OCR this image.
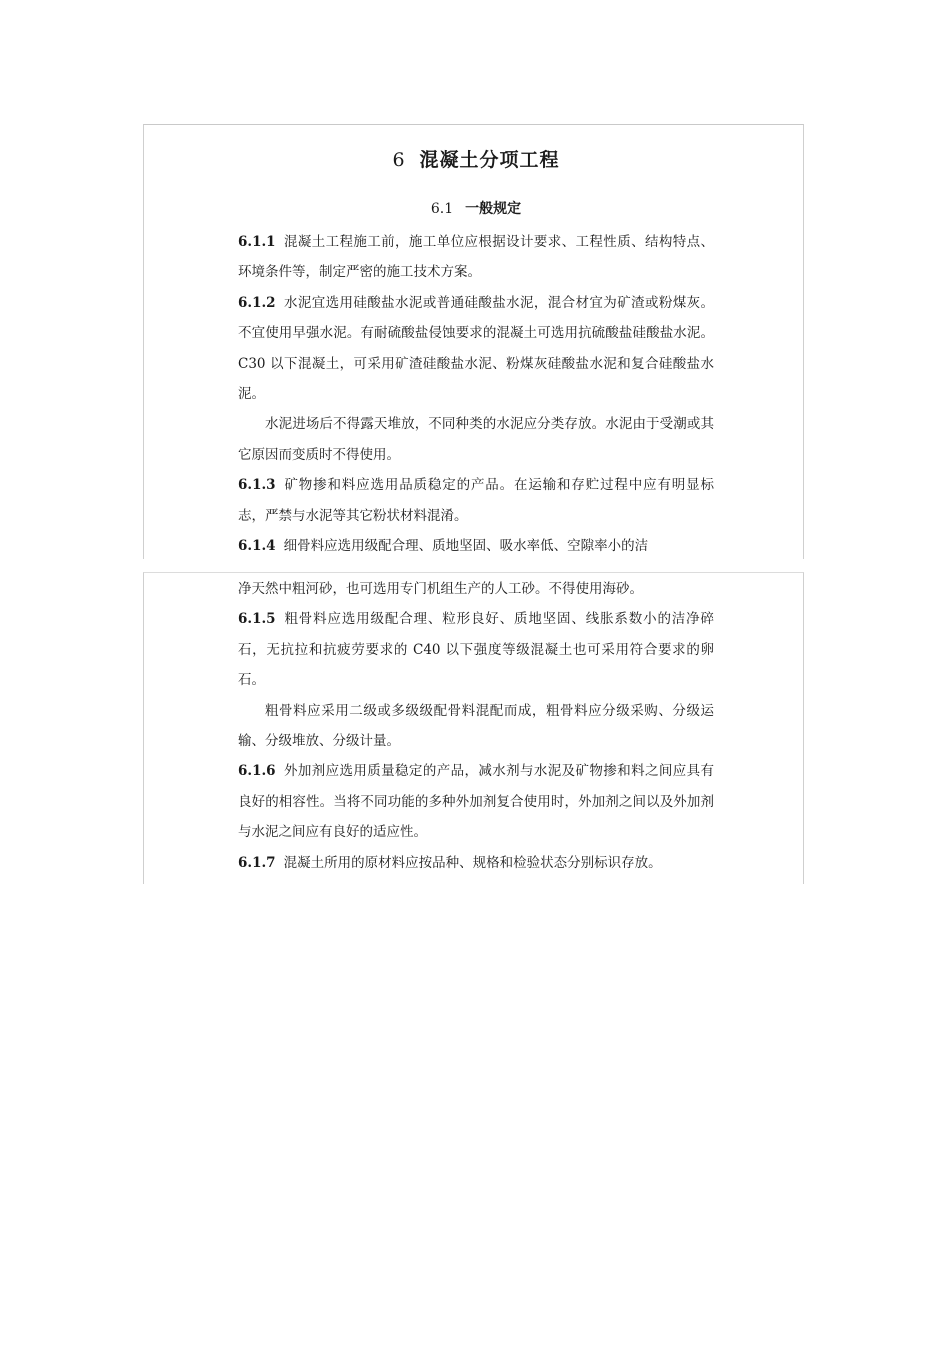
6 混凝土分项工程
6.1 一般规定

6.1.1 混凝土工程施工前，施工单位应根据设计要求、工程性质、结构特点、环境条件等，制定严密的施工技术方案。

6.1.2 水泥宜选用硅酸盐水泥或普通硅酸盐水泥，混合材宜为矿渣或粉煤灰。不宜使用早强水泥。有耐硫酸盐侵蚀要求的混凝土可选用抗硫酸盐硅酸盐水泥。C30 以下混凝土，可采用矿渣硅酸盐水泥、粉煤灰硅酸盐水泥和复合硅酸盐水泥。

水泥进场后不得露天堆放，不同种类的水泥应分类存放。水泥由于受潮或其它原因而变质时不得使用。

6.1.3 矿物掺和料应选用品质稳定的产品。在运输和存贮过程中应有明显标志，严禁与水泥等其它粉状材料混淆。

6.1.4 细骨料应选用级配合理、质地坚固、吸水率低、空隙率小的洁

净天然中粗河砂，也可选用专门机组生产的人工砂。不得使用海砂。

6.1.5 粗骨料应选用级配合理、粒形良好、质地坚固、线胀系数小的洁净碎石，无抗拉和抗疲劳要求的 C40 以下强度等级混凝土也可采用符合要求的卵石。

粗骨料应采用二级或多级级配骨料混配而成，粗骨料应分级采购、分级运输、分级堆放、分级计量。

6.1.6 外加剂应选用质量稳定的产品，减水剂与水泥及矿物掺和料之间应具有良好的相容性。当将不同功能的多种外加剂复合使用时，外加剂之间以及外加剂与水泥之间应有良好的适应性。

6.1.7 混凝土所用的原材料应按品种、规格和检验状态分别标识存放。
